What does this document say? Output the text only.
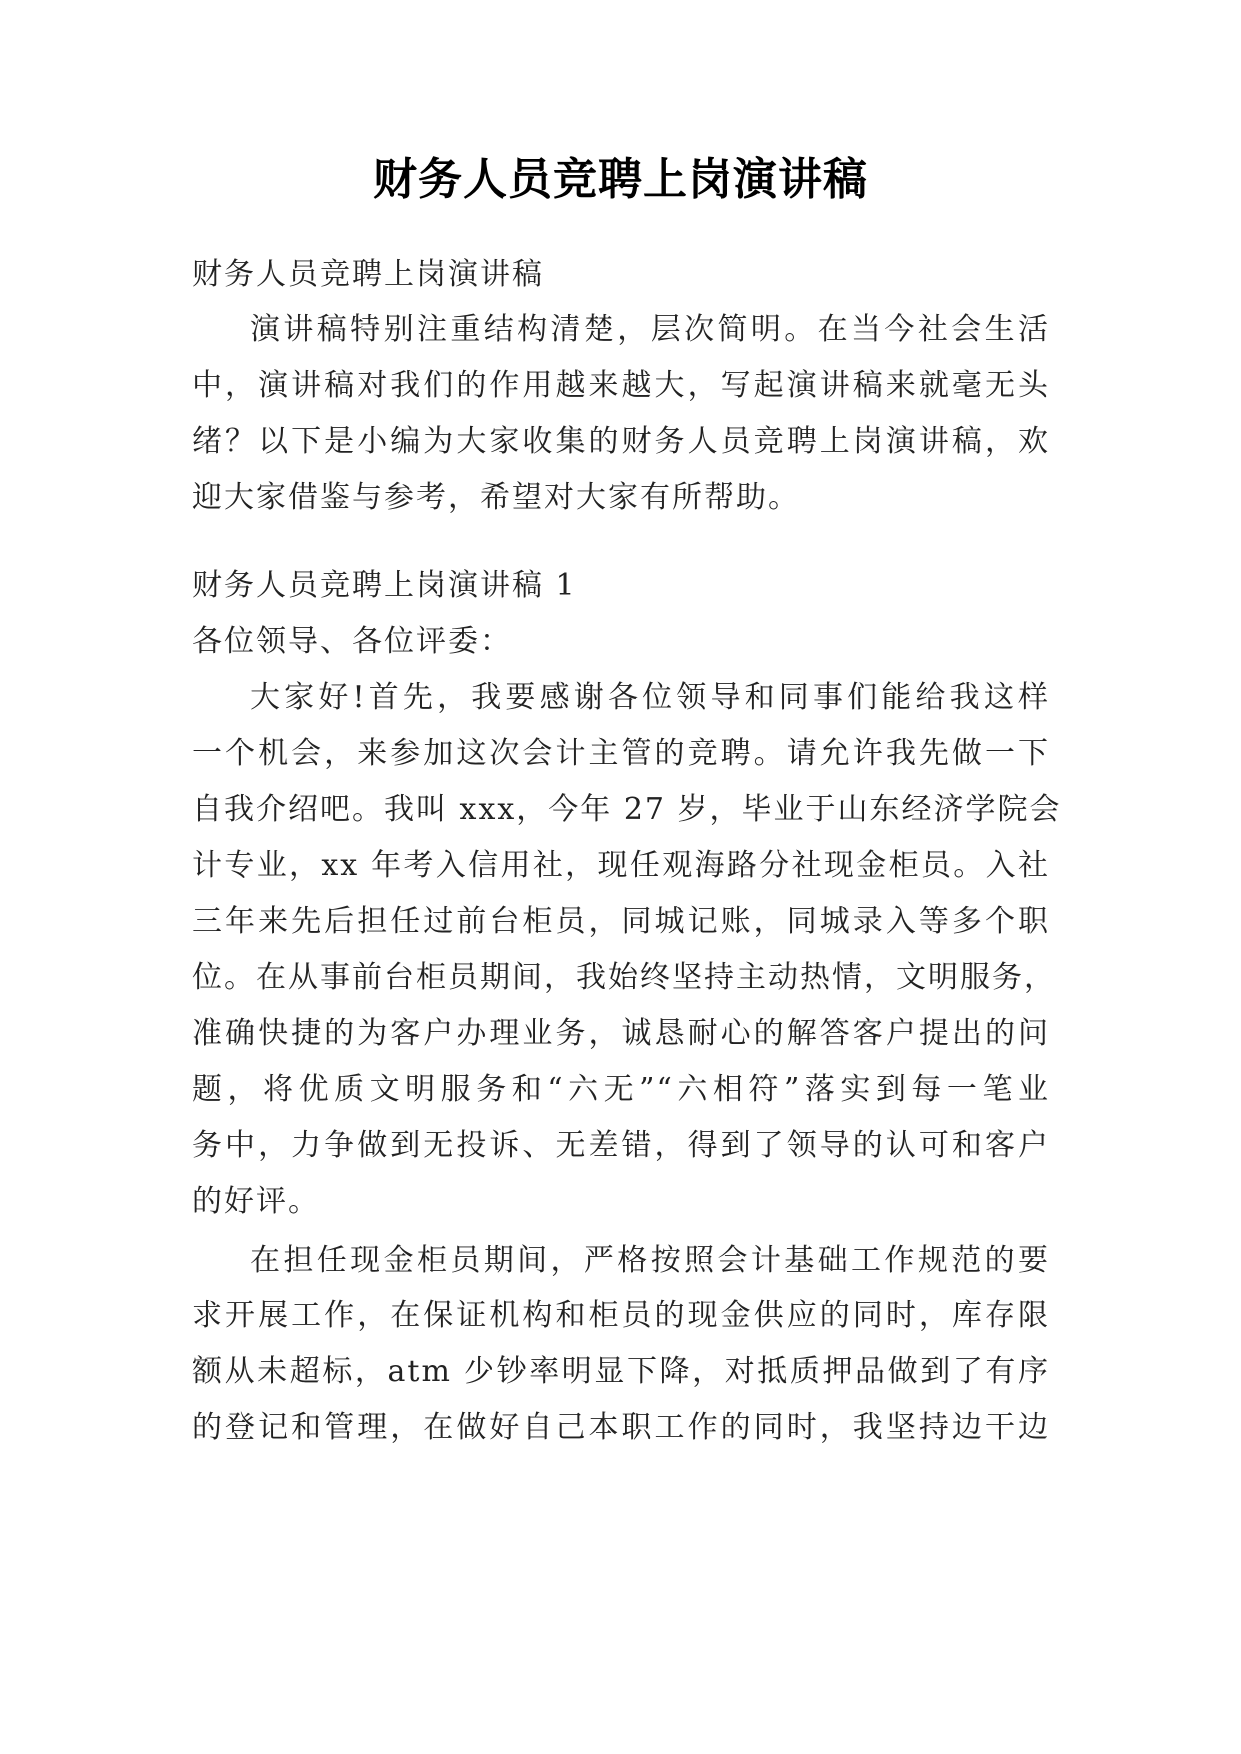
财务人员竞聘上岗演讲稿
财务人员竞聘上岗演讲稿
演讲稿特别注重结构清楚，层次简明。在当今社会生活
中，演讲稿对我们的作用越来越大，写起演讲稿来就毫无头
绪？以下是小编为大家收集的财务人员竞聘上岗演讲稿，欢
迎大家借鉴与参考，希望对大家有所帮助。
财务人员竞聘上岗演讲稿 1
各位领导、各位评委：
大家好!首先，我要感谢各位领导和同事们能给我这样
一个机会，来参加这次会计主管的竞聘。请允许我先做一下
自我介绍吧。我叫 xxx，今年 27 岁，毕业于山东经济学院会
计专业，xx 年考入信用社，现任观海路分社现金柜员。入社
三年来先后担任过前台柜员，同城记账，同城录入等多个职
位。在从事前台柜员期间，我始终坚持主动热情，文明服务，
准确快捷的为客户办理业务，诚恳耐心的解答客户提出的问
题，将优质文明服务和“六无”“六相符”落实到每一笔业
务中，力争做到无投诉、无差错，得到了领导的认可和客户
的好评。
在担任现金柜员期间，严格按照会计基础工作规范的要
求开展工作，在保证机构和柜员的现金供应的同时，库存限
额从未超标，atm 少钞率明显下降，对抵质押品做到了有序
的登记和管理，在做好自己本职工作的同时，我坚持边干边
